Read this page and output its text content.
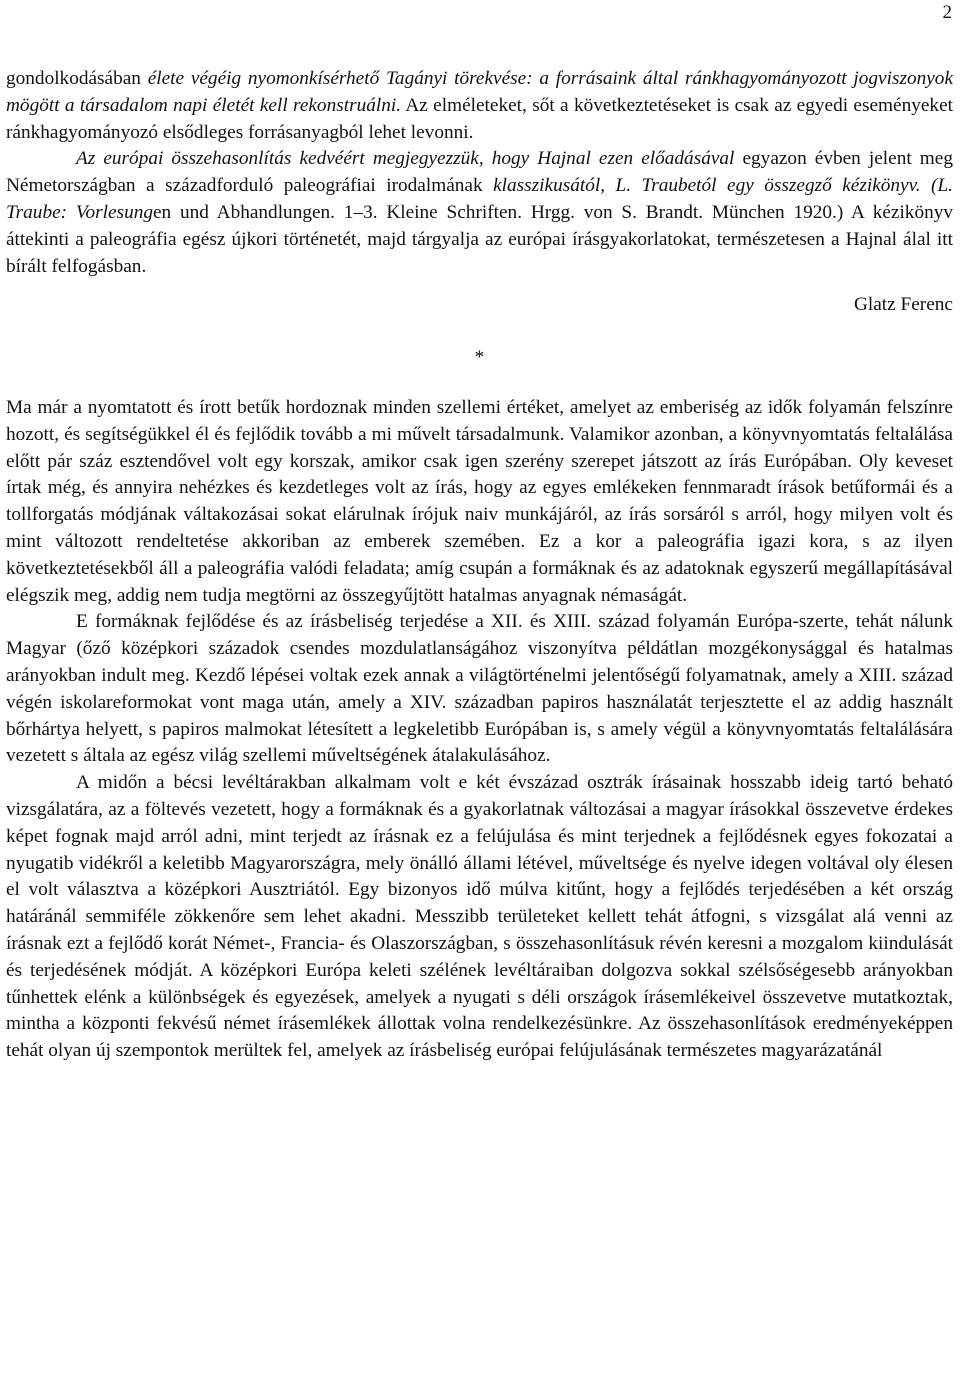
2

gondolkodásában élete végéig nyomonkísérhető Tagányi törekvése: a forrásaink által ránkhagyományozott jogviszonyok mögött a társadalom napi életét kell rekonstruálni. Az elméleteket, sőt a következtetéseket is csak az egyedi eseményeket ránkhagyományozó elsődleges forrásanyagból lehet levonni.

Az európai összehasonlítás kedvéért megjegyezzük, hogy Hajnal ezen előadásával egyazon évben jelent meg Németországban a századforduló paleográfiai irodalmának klasszikusától, L. Traubetól egy összegző kézikönyv. (L. Traube: Vorlesungen und Abhandlungen. 1–3. Kleine Schriften. Hrgg. von S. Brandt. München 1920.) A kézikönyv áttekinti a paleográfia egész újkori történetét, majd tárgyalja az európai írásgyakorlatokat, természetesen a Hajnal álal itt bírált felfogásban.

Glatz Ferenc

*

Ma már a nyomtatott és írott betűk hordoznak minden szellemi értéket, amelyet az emberiség az idők folyamán felszínre hozott, és segítségükkel él és fejlődik tovább a mi művelt társadalmunk. Valamikor azonban, a könyvnyomtatás feltalálása előtt pár száz esztendővel volt egy korszak, amikor csak igen szerény szerepet játszott az írás Európában. Oly keveset írtak még, és annyira nehézkes és kezdetleges volt az írás, hogy az egyes emlékeken fennmaradt írások betűformái és a tollforgatás módjának váltakozásai sokat elárulnak írójuk naiv munkájáról, az írás sorsáról s arról, hogy milyen volt és mint változott rendeltetése akkoriban az emberek szemében. Ez a kor a paleográfia igazi kora, s az ilyen következtetésekből áll a paleográfia valódi feladata; amíg csupán a formáknak és az adatoknak egyszerű megállapításával elégszik meg, addig nem tudja megtörni az összegyűjtött hatalmas anyagnak némaságát.

E formáknak fejlődése és az írásbeliség terjedése a XII. és XIII. század folyamán Európa-szerte, tehát nálunk Magyar (őző középkori századok csendes mozdulatlanságához viszonyítva példátlan mozgékonysággal és hatalmas arányokban indult meg. Kezdő lépései voltak ezek annak a világtörténelmi jelentőségű folyamatnak, amely a XIII. század végén iskolareformokat vont maga után, amely a XIV. században papiros használatát terjesztette el az addig használt bőrhártya helyett, s papiros malmokat létesített a legkeletibb Európában is, s amely végül a könyvnyomtatás feltalálására vezetett s általa az egész világ szellemi műveltségének átalakulásához.

A midőn a bécsi levéltárakban alkalmam volt e két évszázad osztrák írásainak hosszabb ideig tartó beható vizsgálatára, az a föltevés vezetett, hogy a formáknak és a gyakorlatnak változásai a magyar írásokkal összevetve érdekes képet fognak majd arról adni, mint terjedt az írásnak ez a felújulása és mint terjednek a fejlődésnek egyes fokozatai a nyugatib vidékről a keletibb Magyarországra, mely önálló állami létével, műveltsége és nyelve idegen voltával oly élesen el volt választva a középkori Ausztriától. Egy bizonyos idő múlva kitűnt, hogy a fejlődés terjedésében a két ország határánál semmiféle zökkenőre sem lehet akadni. Messzibb területeket kellett tehát átfogni, s vizsgálat alá venni az írásnak ezt a fejlődő korát Német-, Francia- és Olaszországban, s összehasonlításuk révén keresni a mozgalom kiindulását és terjedésének módját. A középkori Európa keleti szélének levéltáraiban dolgozva sokkal szélsőségesebb arányokban tűnhettek elénk a különbségek és egyezések, amelyek a nyugati s déli országok írásemlékeivel összevetve mutatkoztak, mintha a központi fekvésű német írásemlékek állottak volna rendelkezésünkre. Az összehasonlítások eredményeképpen tehát olyan új szempontok merültek fel, amelyek az írásbeliség európai felújulásának természetes magyarázatánál
